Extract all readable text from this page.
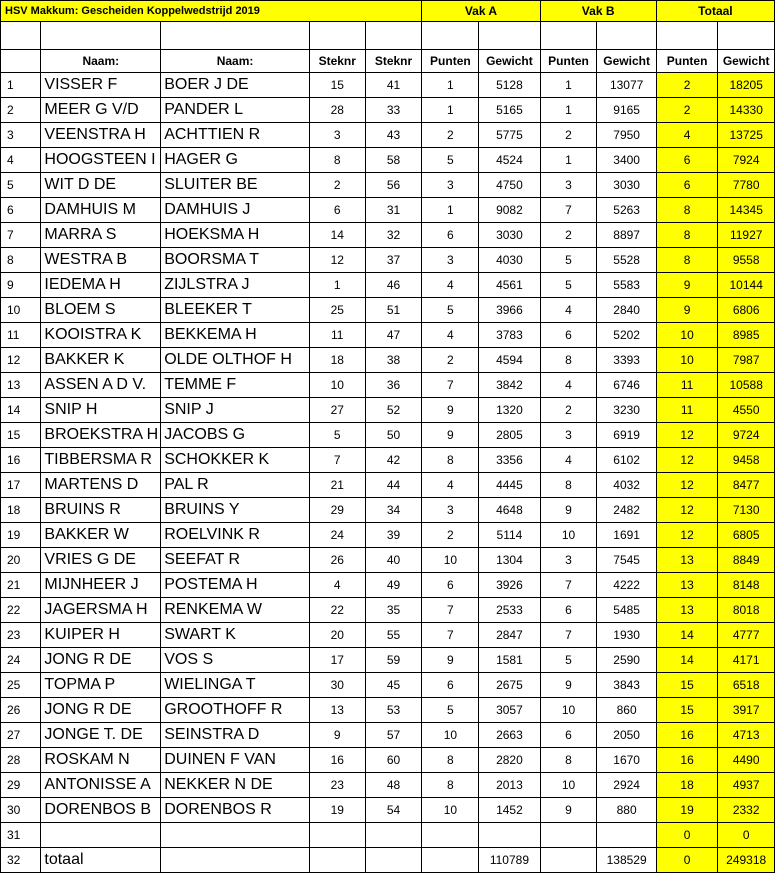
HSV Makkum: Gescheiden Koppelwedstrijd 2019					Vak A		Vak B		Totaal	

	Naam:	Naam:	Steknr	Steknr	Punten	Gewicht	Punten	Gewicht	Punten	Gewicht
1	VISSER F	BOER J DE	15	41	1	5128	1	13077	2	18205
2	MEER G V/D	PANDER L	28	33	1	5165	1	9165	2	14330
3	VEENSTRA H	ACHTTIEN R	3	43	2	5775	2	7950	4	13725
4	HOOGSTEEN I	HAGER G	8	58	5	4524	1	3400	6	7924
5	WIT D DE	SLUITER BE	2	56	3	4750	3	3030	6	7780
6	DAMHUIS M	DAMHUIS J	6	31	1	9082	7	5263	8	14345
7	MARRA S	HOEKSMA H	14	32	6	3030	2	8897	8	11927
8	WESTRA B	BOORSMA T	12	37	3	4030	5	5528	8	9558
9	IEDEMA H	ZIJLSTRA J	1	46	4	4561	5	5583	9	10144
10	BLOEM S	BLEEKER T	25	51	5	3966	4	2840	9	6806
11	KOOISTRA K	BEKKEMA H	11	47	4	3783	6	5202	10	8985
12	BAKKER K	OLDE OLTHOF H	18	38	2	4594	8	3393	10	7987
13	ASSEN A D V.	TEMME F	10	36	7	3842	4	6746	11	10588
14	SNIP H	SNIP J	27	52	9	1320	2	3230	11	4550
15	BROEKSTRA H	JACOBS G	5	50	9	2805	3	6919	12	9724
16	TIBBERSMA R	SCHOKKER K	7	42	8	3356	4	6102	12	9458
17	MARTENS D	PAL R	21	44	4	4445	8	4032	12	8477
18	BRUINS R	BRUINS Y	29	34	3	4648	9	2482	12	7130
19	BAKKER W	ROELVINK R	24	39	2	5114	10	1691	12	6805
20	VRIES G DE	SEEFAT R	26	40	10	1304	3	7545	13	8849
21	MIJNHEER J	POSTEMA H	4	49	6	3926	7	4222	13	8148
22	JAGERSMA H	RENKEMA W	22	35	7	2533	6	5485	13	8018
23	KUIPER H	SWART K	20	55	7	2847	7	1930	14	4777
24	JONG R DE	VOS S	17	59	9	1581	5	2590	14	4171
25	TOPMA P	WIELINGA T	30	45	6	2675	9	3843	15	6518
26	JONG R DE	GROOTHOFF R	13	53	5	3057	10	860	15	3917
27	JONGE T. DE	SEINSTRA D	9	57	10	2663	6	2050	16	4713
28	ROSKAM N	DUINEN F VAN	16	60	8	2820	8	1670	16	4490
29	ANTONISSE A	NEKKER N DE	23	48	8	2013	10	2924	18	4937
30	DORENBOS B	DORENBOS R	19	54	10	1452	9	880	19	2332
31									0	0
32	totaal					110789		138529	0	249318
